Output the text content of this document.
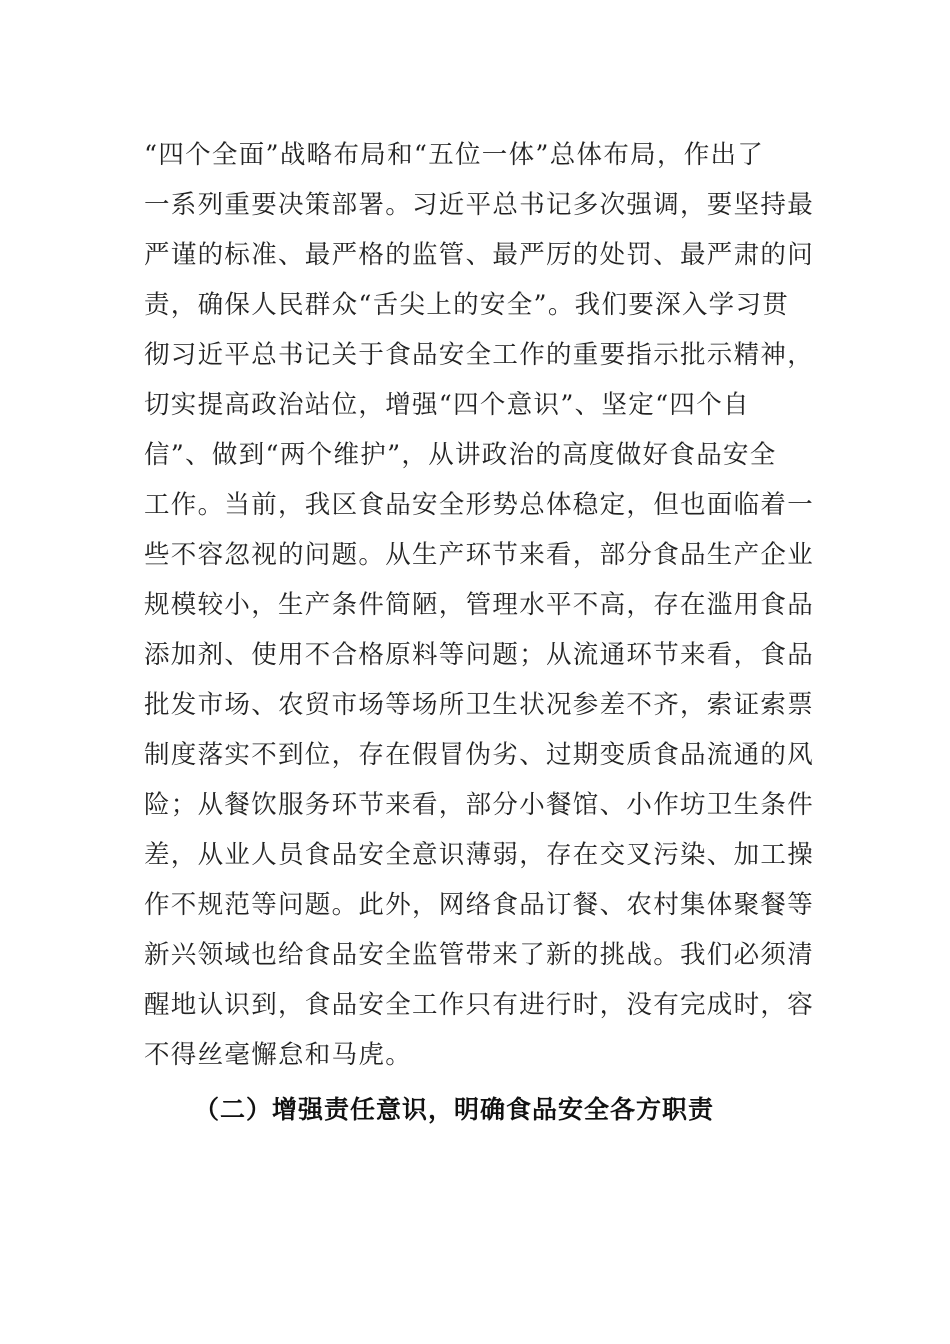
“四个全面”战略布局和“五位一体”总体布局，作出了
一系列重要决策部署。习近平总书记多次强调，要坚持最
严谨的标准、最严格的监管、最严厉的处罚、最严肃的问
责，确保人民群众“舌尖上的安全”。我们要深入学习贯
彻习近平总书记关于食品安全工作的重要指示批示精神，
切实提高政治站位，增强“四个意识”、坚定“四个自
信”、做到“两个维护”，从讲政治的高度做好食品安全
工作。当前，我区食品安全形势总体稳定，但也面临着一
些不容忽视的问题。从生产环节来看，部分食品生产企业
规模较小，生产条件简陋，管理水平不高，存在滥用食品
添加剂、使用不合格原料等问题；从流通环节来看，食品
批发市场、农贸市场等场所卫生状况参差不齐，索证索票
制度落实不到位，存在假冒伪劣、过期变质食品流通的风
险；从餐饮服务环节来看，部分小餐馆、小作坊卫生条件
差，从业人员食品安全意识薄弱，存在交叉污染、加工操
作不规范等问题。此外，网络食品订餐、农村集体聚餐等
新兴领域也给食品安全监管带来了新的挑战。我们必须清
醒地认识到，食品安全工作只有进行时，没有完成时，容
不得丝毫懈怠和马虎。
（二）增强责任意识，明确食品安全各方职责
